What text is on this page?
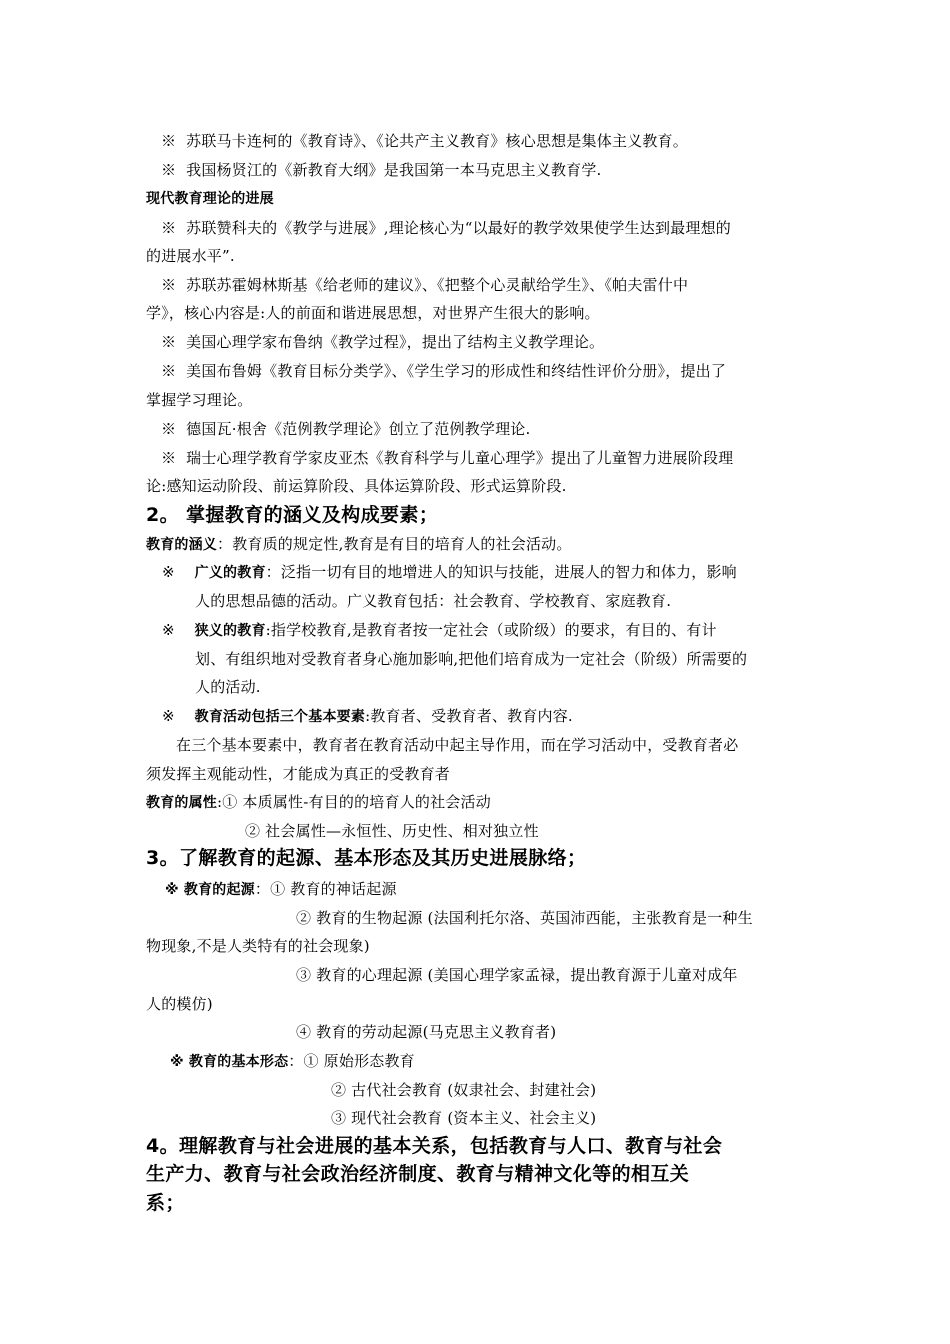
※ 苏联马卡连柯的《教育诗》、《论共产主义教育》核心思想是集体主义教育。
※ 我国杨贤江的《新教育大纲》是我国第一本马克思主义教育学.
现代教育理论的进展
※ 苏联赞科夫的《教学与进展》,理论核心为“以最好的教学效果使学生达到最理想的
的进展水平”.
※ 苏联苏霍姆林斯基《给老师的建议》、《把整个心灵献给学生》、《帕夫雷什中
学》，核心内容是:人的前面和谐进展思想，对世界产生很大的影响。
※ 美国心理学家布鲁纳《教学过程》，提出了结构主义教学理论。
※ 美国布鲁姆《教育目标分类学》、《学生学习的形成性和终结性评价分册》，提出了
掌握学习理论。
※ 德国瓦·根舍《范例教学理论》创立了范例教学理论.
※ 瑞士心理学教育学家皮亚杰《教育科学与儿童心理学》提出了儿童智力进展阶段理
论:感知运动阶段、前运算阶段、具体运算阶段、形式运算阶段.
2。 掌握教育的涵义及构成要素；
教育的涵义：教育质的规定性,教育是有目的培育人的社会活动。
※ 广义的教育：泛指一切有目的地增进人的知识与技能，进展人的智力和体力，影响
人的思想品德的活动。广义教育包括：社会教育、学校教育、家庭教育.
※ 狭义的教育:指学校教育,是教育者按一定社会（或阶级）的要求，有目的、有计
划、有组织地对受教育者身心施加影响,把他们培育成为一定社会（阶级）所需要的
人的活动.
※ 教育活动包括三个基本要素:教育者、受教育者、教育内容.
在三个基本要素中，教育者在教育活动中起主导作用，而在学习活动中，受教育者必
须发挥主观能动性，才能成为真正的受教育者
教育的属性:① 本质属性-有目的的培育人的社会活动
② 社会属性—永恒性、历史性、相对独立性
3。了解教育的起源、基本形态及其历史进展脉络；
※ 教育的起源：① 教育的神话起源
② 教育的生物起源 (法国利托尔洛、英国沛西能，主张教育是一种生
物现象,不是人类特有的社会现象)
③ 教育的心理起源 (美国心理学家孟禄，提出教育源于儿童对成年
人的模仿)
④ 教育的劳动起源(马克思主义教育者)
※ 教育的基本形态：① 原始形态教育
② 古代社会教育 (奴隶社会、封建社会)
③ 现代社会教育 (资本主义、社会主义)
4。理解教育与社会进展的基本关系，包括教育与人口、教育与社会
生产力、教育与社会政治经济制度、教育与精神文化等的相互关
系；
